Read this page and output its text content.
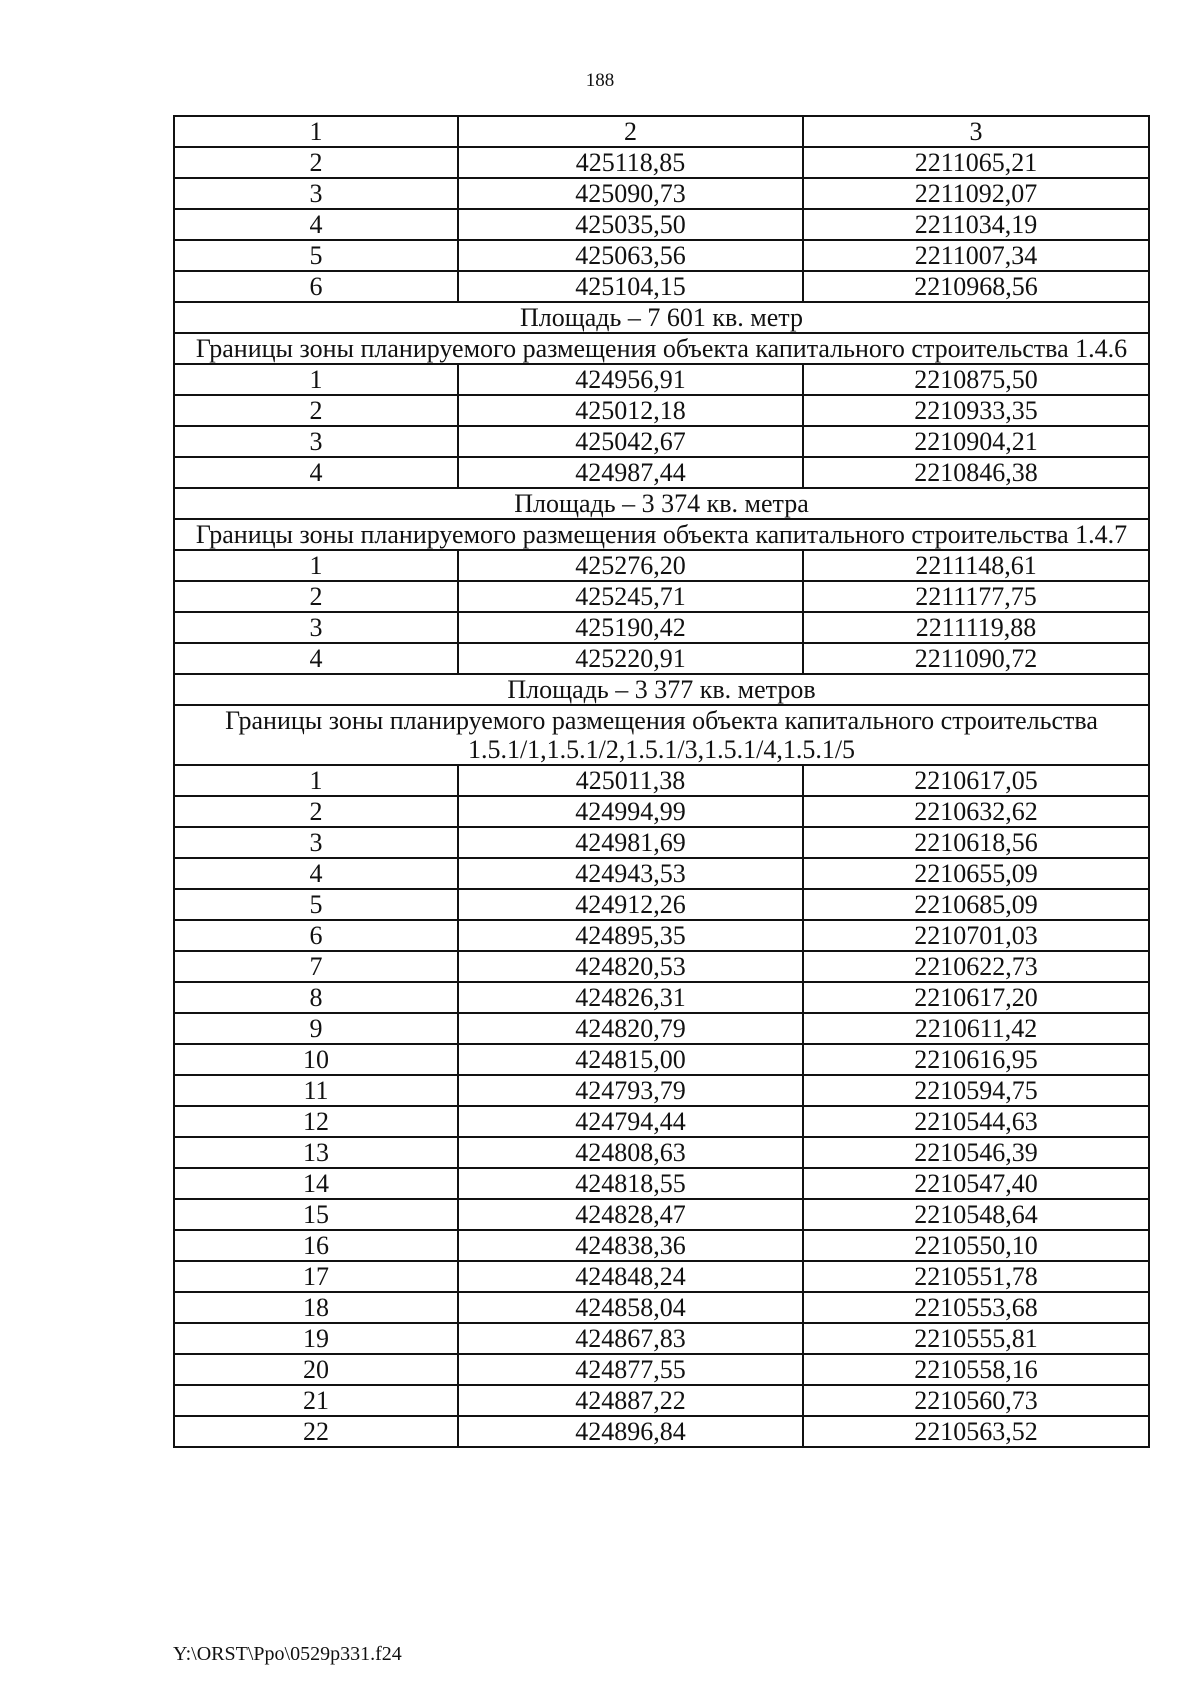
188
1	2	3
2	425118,85	2211065,21
3	425090,73	2211092,07
4	425035,50	2211034,19
5	425063,56	2211007,34
6	425104,15	2210968,56
Площадь – 7 601 кв. метр		
Границы зоны планируемого размещения объекта капитального строительства 1.4.6		
1	424956,91	2210875,50
2	425012,18	2210933,35
3	425042,67	2210904,21
4	424987,44	2210846,38
Площадь – 3 374 кв. метра		
Границы зоны планируемого размещения объекта капитального строительства 1.4.7		
1	425276,20	2211148,61
2	425245,71	2211177,75
3	425190,42	2211119,88
4	425220,91	2211090,72
Площадь – 3 377 кв. метров		
Границы зоны планируемого размещения объекта капитального строительства 1.5.1/1,1.5.1/2,1.5.1/3,1.5.1/4,1.5.1/5		
1	425011,38	2210617,05
2	424994,99	2210632,62
3	424981,69	2210618,56
4	424943,53	2210655,09
5	424912,26	2210685,09
6	424895,35	2210701,03
7	424820,53	2210622,73
8	424826,31	2210617,20
9	424820,79	2210611,42
10	424815,00	2210616,95
11	424793,79	2210594,75
12	424794,44	2210544,63
13	424808,63	2210546,39
14	424818,55	2210547,40
15	424828,47	2210548,64
16	424838,36	2210550,10
17	424848,24	2210551,78
18	424858,04	2210553,68
19	424867,83	2210555,81
20	424877,55	2210558,16
21	424887,22	2210560,73
22	424896,84	2210563,52
Y:\ORST\Ppo\0529p331.f24
